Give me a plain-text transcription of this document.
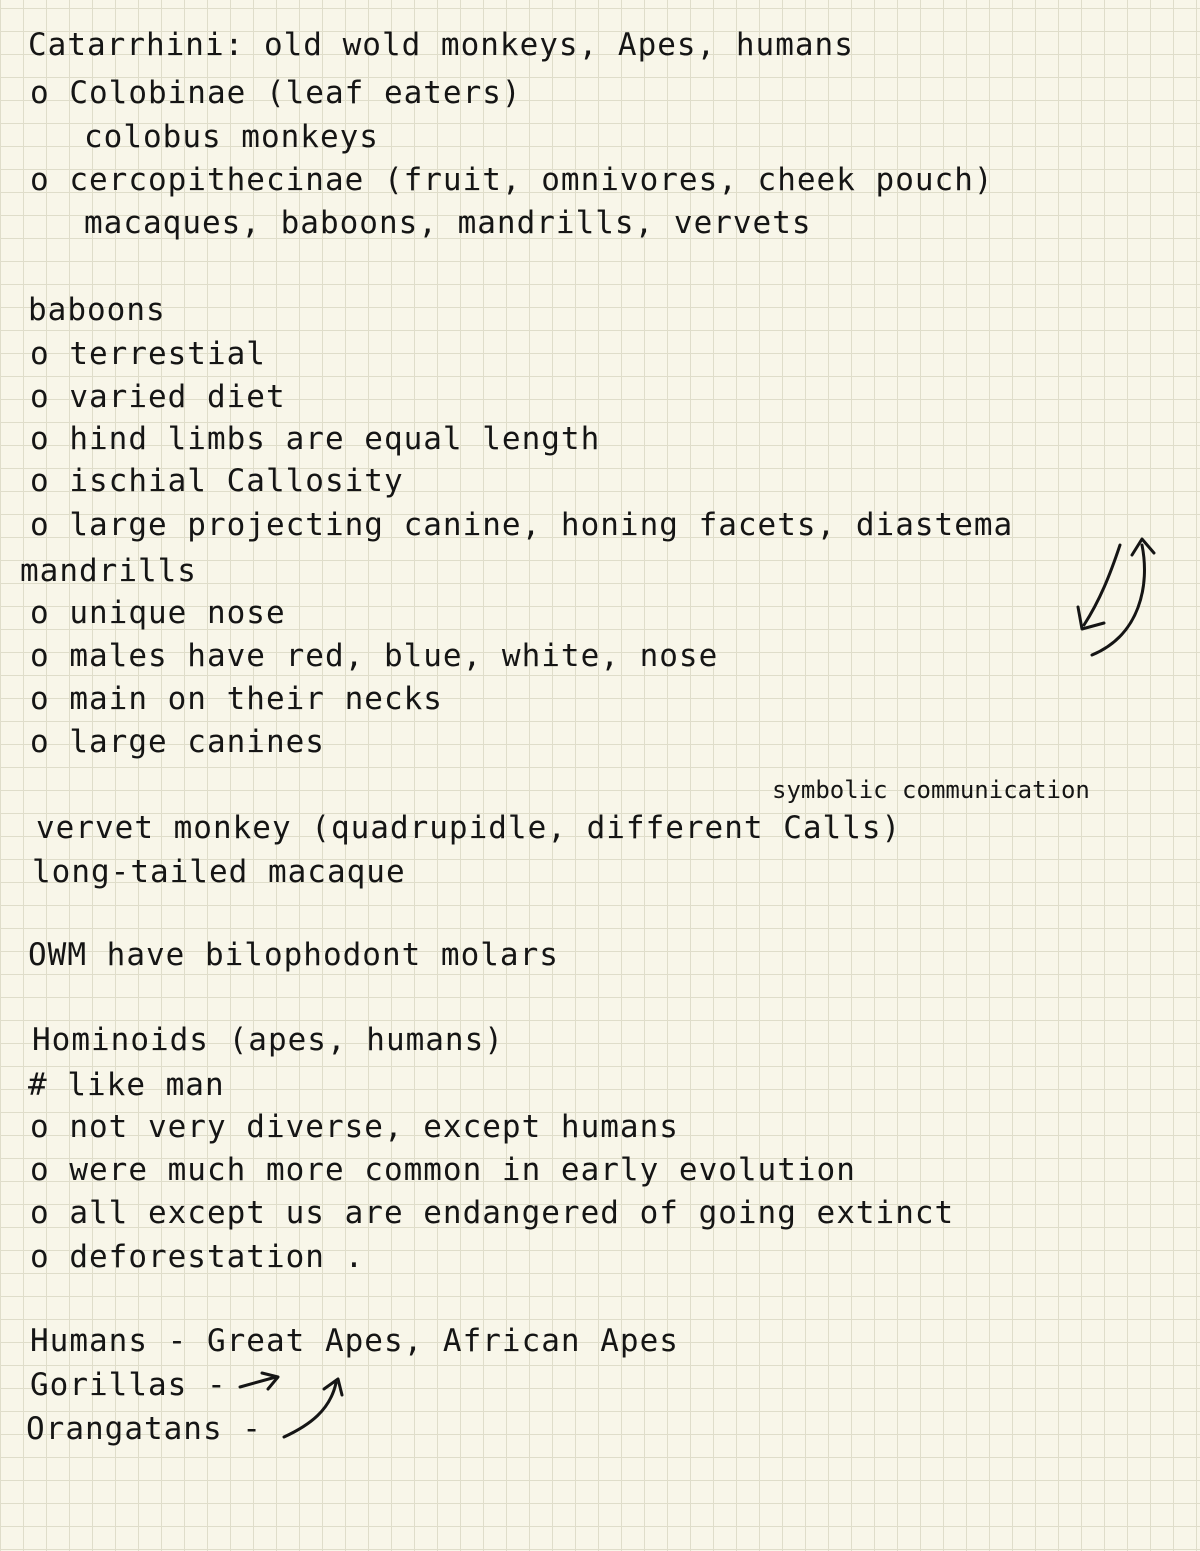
Catarrhini: old wold monkeys, Apes, humans
o Colobinae (leaf eaters)
colobus monkeys
o cercopithecinae (fruit, omnivores, cheek pouch)
macaques, baboons, mandrills, vervets
baboons
o terrestial
o varied diet
o hind limbs are equal length
o ischial Callosity
o large projecting canine, honing facets, diastema
mandrills
o unique nose
o males have red, blue, white, nose
o main on their necks
o large canines
symbolic communication
vervet monkey (quadrupidle, different Calls)
long-tailed macaque
OWM have bilophodont molars
Hominoids (apes, humans)
# like man
o not very diverse, except humans
o were much more common in early evolution
o all except us are endangered of going extinct
o deforestation .
Humans - Great Apes, African Apes
Gorillas -
Orangatans -
